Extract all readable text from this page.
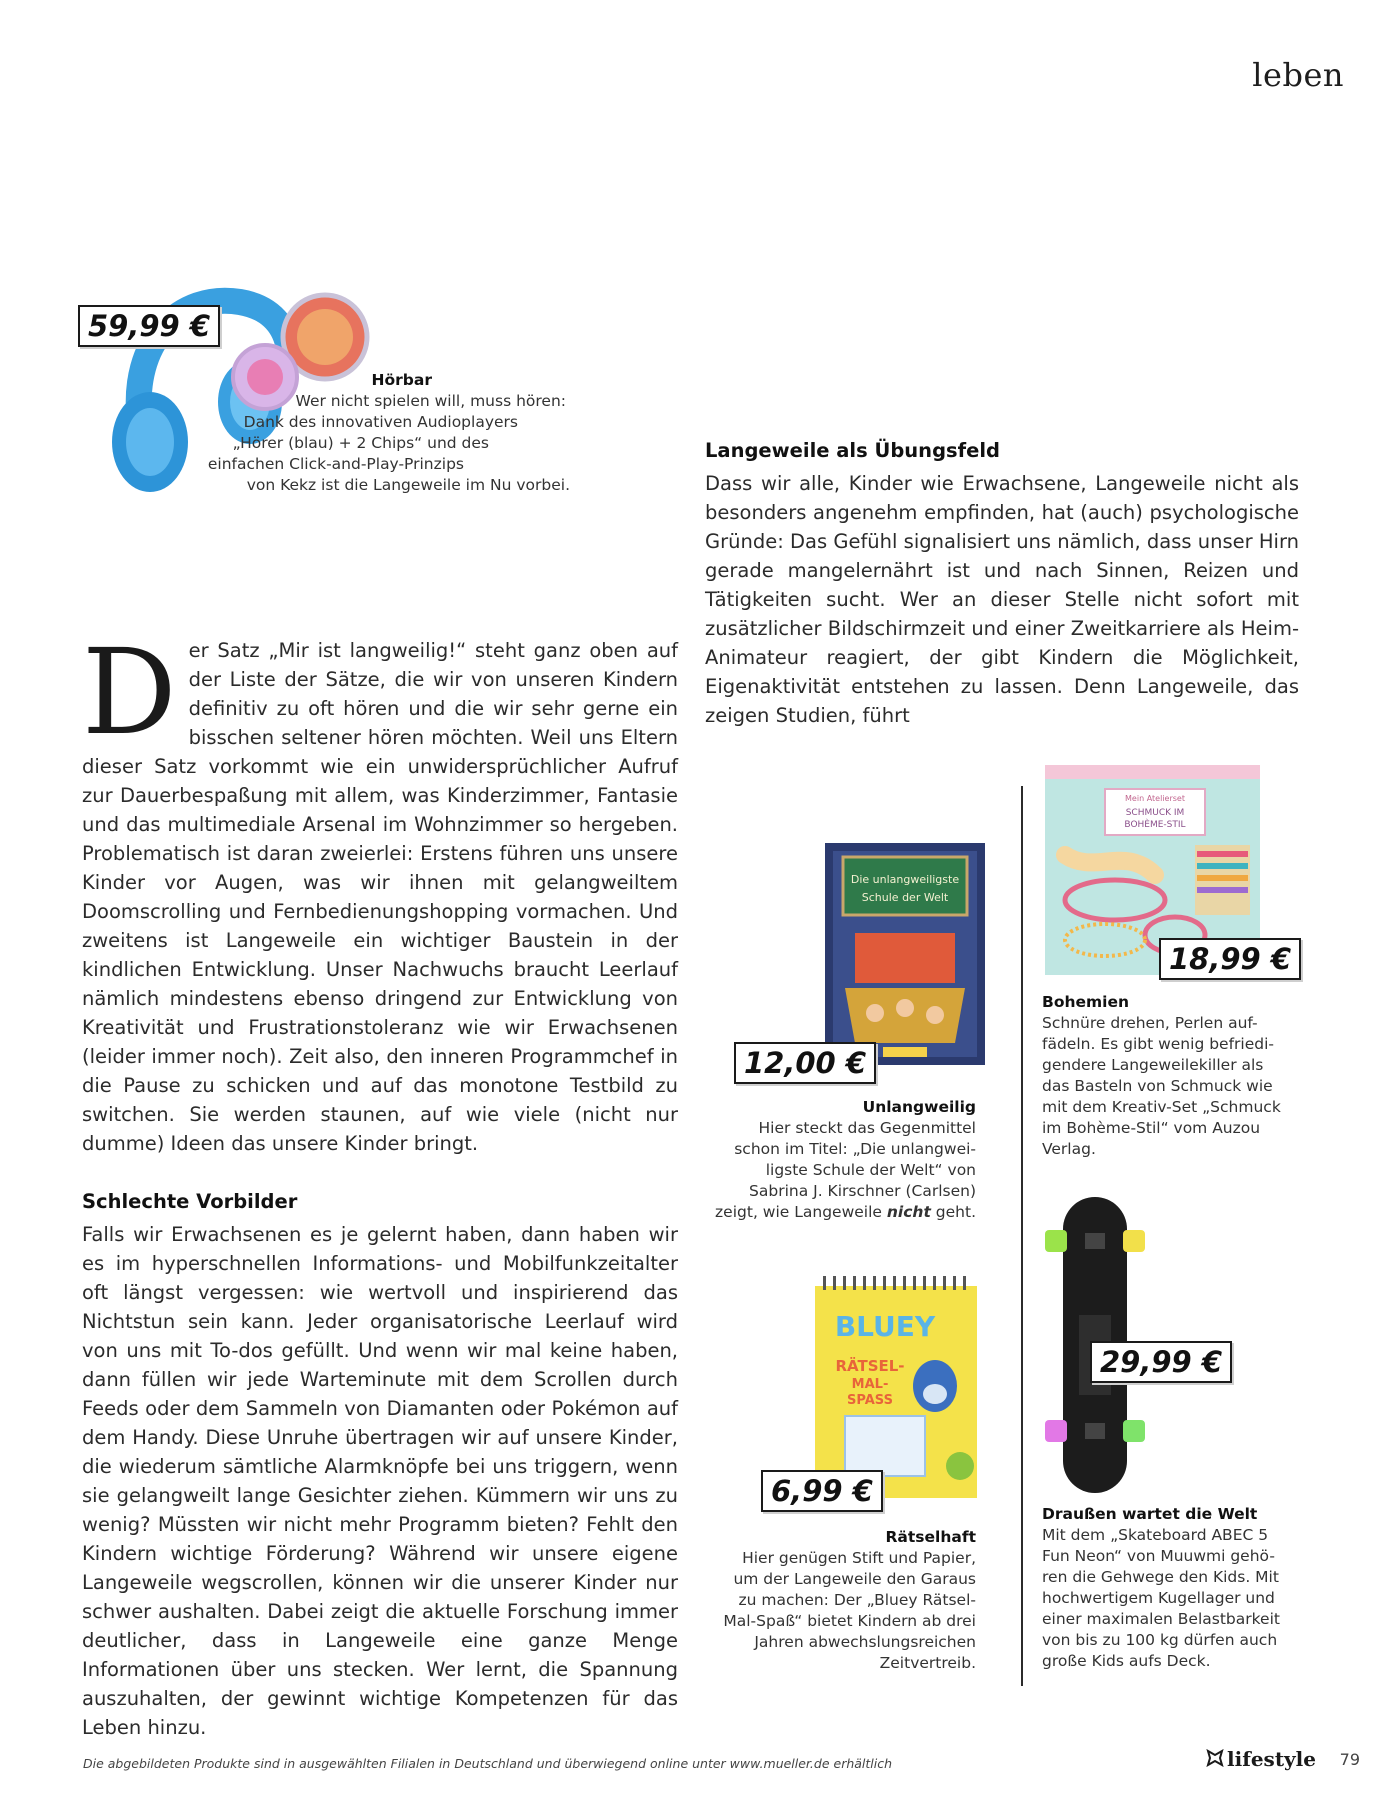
leben
59,99 €
Hörbar
Wer nicht spielen will, muss hören:
Dank des innovativen Audioplayers
„Hörer (blau) + 2 Chips“ und des
einfachen Click-and-Play-Prinzips
von Kekz ist die Langeweile im Nu vorbei.

Der Satz „Mir ist langweilig!“ steht ganz oben auf der Liste der Sätze, die wir von unseren Kindern definitiv zu oft hören und die wir sehr gerne ein bisschen seltener hören möchten. Weil uns Eltern dieser Satz vorkommt wie ein unwidersprüchlicher Aufruf zur Dauerbespaßung mit allem, was Kinderzimmer, Fantasie und das multimediale Arsenal im Wohnzimmer so hergeben. Problematisch ist daran zweierlei: Erstens führen uns unsere Kinder vor Augen, was wir ihnen mit gelangweiltem Doomscrolling und Fernbedienungshopping vormachen. Und zweitens ist Langeweile ein wichtiger Baustein in der kindlichen Entwicklung. Unser Nachwuchs braucht Leerlauf nämlich mindestens ebenso dringend zur Entwicklung von Kreativität und Frustrationstoleranz wie wir Erwachsenen (leider immer noch). Zeit also, den inneren Programmchef in die Pause zu schicken und auf das monotone Testbild zu switchen. Sie werden staunen, auf wie viele (nicht nur dumme) Ideen das unsere Kinder bringt.

Schlechte Vorbilder

Falls wir Erwachsenen es je gelernt haben, dann haben wir es im hyperschnellen Informations- und Mobilfunkzeitalter oft längst vergessen: wie wertvoll und inspirierend das Nichtstun sein kann. Jeder organisatorische Leerlauf wird von uns mit To-dos gefüllt. Und wenn wir mal keine haben, dann füllen wir jede Warteminute mit dem Scrollen durch Feeds oder dem Sammeln von Diamanten oder Pokémon auf dem Handy. Diese Unruhe übertragen wir auf unsere Kinder, die wiederum sämtliche Alarmknöpfe bei uns triggern, wenn sie gelangweilt lange Gesichter ziehen. Kümmern wir uns zu wenig? Müssten wir nicht mehr Programm bieten? Fehlt den Kindern wichtige Förderung? Während wir unsere eigene Langeweile wegscrollen, können wir die unserer Kinder nur schwer aushalten. Dabei zeigt die aktuelle Forschung immer deutlicher, dass in Langeweile eine ganze Menge Informationen über uns stecken. Wer lernt, die Spannung auszuhalten, der gewinnt wichtige Kompetenzen für das Leben hinzu.

Langeweile als Übungsfeld

Dass wir alle, Kinder wie Erwachsene, Langeweile nicht als besonders angenehm empfinden, hat (auch) psychologische Gründe: Das Gefühl signalisiert uns nämlich, dass unser Hirn gerade mangelernährt ist und nach Sinnen, Reizen und Tätigkeiten sucht. Wer an dieser Stelle nicht sofort mit zusätzlicher Bildschirmzeit und einer Zweitkarriere als Heim-Animateur reagiert, der gibt Kindern die Möglichkeit, Eigenaktivität entstehen zu lassen. Denn Langeweile, das zeigen Studien, führt

Die unlangweiligste
Schule der Welt
12,00 €
Unlangweilig
Hier steckt das Gegenmittel
schon im Titel: „Die unlangwei-
ligste Schule der Welt“ von
Sabrina J. Kirschner (Carlsen)
zeigt, wie Langeweile nicht geht.
Mein Atelierset
SCHMUCK IM
BOHÈME-STIL
18,99 €
Bohemien
Schnüre drehen, Perlen auf-
fädeln. Es gibt wenig befriedi-
gendere Langeweilekiller als
das Basteln von Schmuck wie
mit dem Kreativ-Set „Schmuck
im Bohème-Stil“ vom Auzou
Verlag.
BLUEY
RÄTSEL-
MAL-
SPASS
6,99 €
Rätselhaft
Hier genügen Stift und Papier,
um der Langeweile den Garaus
zu machen: Der „Bluey Rätsel-
Mal-Spaß“ bietet Kindern ab drei
Jahren abwechslungsreichen
Zeitvertreib.
29,99 €
Draußen wartet die Welt
Mit dem „Skateboard ABEC 5
Fun Neon“ von Muuwmi gehö-
ren die Gehwege den Kids. Mit
hochwertigem Kugellager und
einer maximalen Belastbarkeit
von bis zu 100 kg dürfen auch
große Kids aufs Deck.
Die abgebildeten Produkte sind in ausgewählten Filialen in Deutschland und überwiegend online unter www.mueller.de erhältlich	lifestyle 79
